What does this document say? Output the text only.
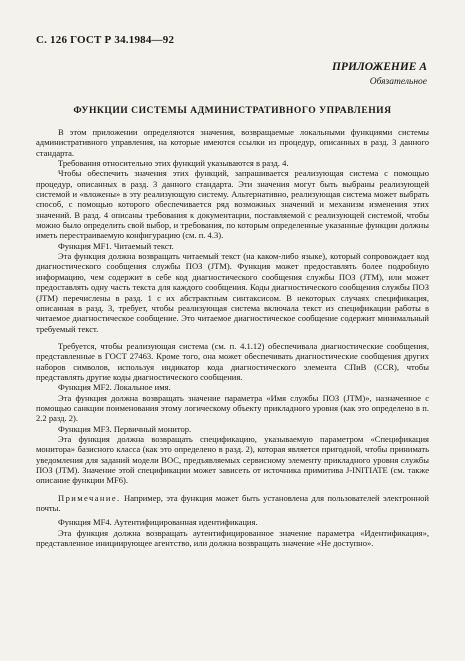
С. 126 ГОСТ Р 34.1984—92
ПРИЛОЖЕНИЕ А
Обязательное
ФУНКЦИИ СИСТЕМЫ АДМИНИСТРАТИВНОГО УПРАВЛЕНИЯ

В этом приложении определяются значения, возвращаемые локальными функциями системы административного управления, на которые имеются ссылки из процедур, описанных в разд. 3 данного стандарта.

Требования относительно этих функций указываются в разд. 4.

Чтобы обеспечить значения этих функций, запрашивается реализующая система с помощью процедур, описанных в разд. 3 данного стандарта. Эти значения могут быть выбраны реализующей системой и «вложены» в эту реализующую систему. Альтернативно, реализующая система может выбрать способ, с помощью которого обеспечивается ряд возможных значений и механизм изменения этих значений. В разд. 4 описаны требования к документации, поставляемой с реализующей системой, чтобы можно было определить свой выбор, и требования, по которым определенные указанные функции должны иметь перестраиваемую конфигурацию (см. п. 4.3).

Функция MF1. Читаемый текст.

Эта функция должна возвращать читаемый текст (на каком-либо языке), который сопровождает код диагностического сообщения службы ПОЗ (JTM). Функция может предоставлять более подробную информацию, чем содержит в себе код диагностического сообщения службы ПОЗ (JTM), или может предоставлять одну часть текста для каждого сообщения. Коды диагностического сообщения службы ПОЗ (JTM) перечислены в разд. 1 с их абстрактным синтаксисом. В некоторых случаях спецификация, описанная в разд. 3, требует, чтобы реализующая система включала текст из спецификации работы в читаемое диагностическое сообщение. Это читаемое диагностическое сообщение содержит минимальный требуемый текст.

Требуется, чтобы реализующая система (см. п. 4.1.12) обеспечивала диагностические сообщения, представленные в ГОСТ 27463. Кроме того, она может обеспечивать диагностические сообщения других наборов символов, используя индикатор кода диагностического элемента СПиВ (CCR), чтобы представлять другие коды диагностического сообщения.

Функция MF2. Локальное имя.

Эта функция должна возвращать значение параметра «Имя службы ПОЗ (JTM)», назначенное с помощью санкции поименования этому логическому объекту прикладного уровня (как это определено в п. 2.2 разд. 2).

Функция MF3. Первичный монитор.

Эта функция должна возвращать спецификацию, указываемую параметром «Спецификация монитора» базисного класса (как это определено в разд. 2), которая является пригодной, чтобы принимать уведомления для заданий модели ВОС, предъявляемых сервисному элементу прикладного уровня службы ПОЗ (JTM). Значение этой спецификации может зависеть от источника примитива J-INITIATE (см. также описание функции MF6).

Примечание. Например, эта функция может быть установлена для пользователей электронной почты.

Функция MF4. Аутентифицированная идентификация.

Эта функция должна возвращать аутентифицированное значение параметра «Идентификация», представленное инициирующее агентство, или должна возвращать значение «Не доступно».
